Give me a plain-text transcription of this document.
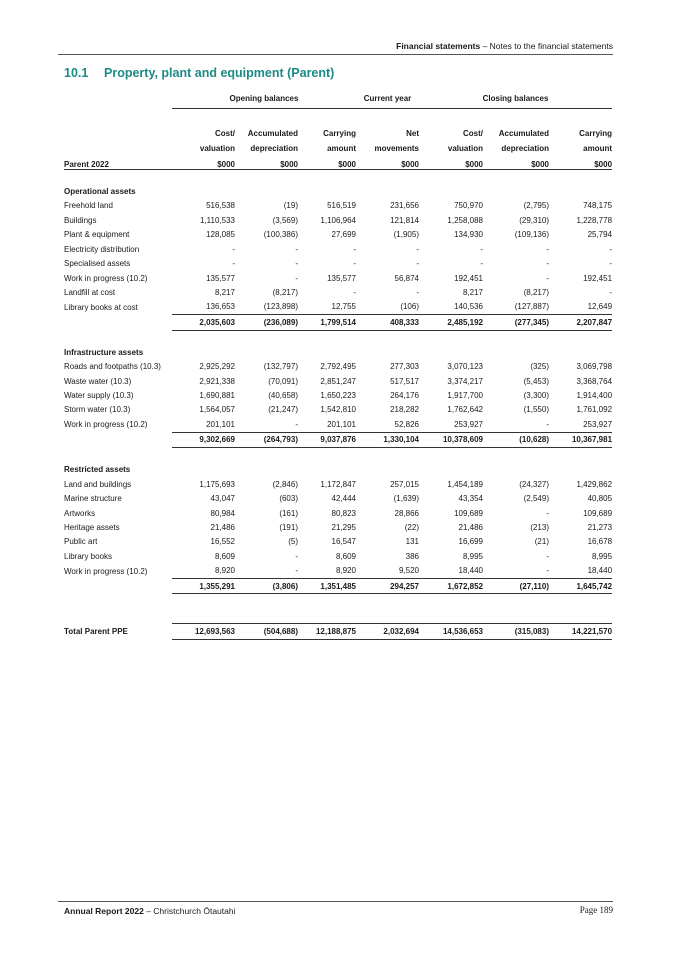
Financial statements – Notes to the financial statements
10.1 Property, plant and equipment (Parent)
	Opening balances			Current year	Closing balances		

	Cost/	Accumulated	Carrying	Net	Cost/	Accumulated	Carrying
	valuation	depreciation	amount	movements	valuation	depreciation	amount
Parent 2022	$000	$000	$000	$000	$000	$000	$000

Operational assets							
Freehold land	516,538	(19)	516,519	231,656	750,970	(2,795)	748,175
Buildings	1,110,533	(3,569)	1,106,964	121,814	1,258,088	(29,310)	1,228,778
Plant & equipment	128,085	(100,386)	27,699	(1,905)	134,930	(109,136)	25,794
Electricity distribution	-	-	-	-	-	-	-
Specialised assets	-	-	-	-	-	-	-
Work in progress (10.2)	135,577	-	135,577	56,874	192,451	-	192,451
Landfill at cost	8,217	(8,217)	-	-	8,217	(8,217)	-
Library books at cost	136,653	(123,898)	12,755	(106)	140,536	(127,887)	12,649
	2,035,603	(236,089)	1,799,514	408,333	2,485,192	(277,345)	2,207,847

Infrastructure assets							
Roads and footpaths (10.3)	2,925,292	(132,797)	2,792,495	277,303	3,070,123	(325)	3,069,798
Waste water (10.3)	2,921,338	(70,091)	2,851,247	517,517	3,374,217	(5,453)	3,368,764
Water supply (10.3)	1,690,881	(40,658)	1,650,223	264,176	1,917,700	(3,300)	1,914,400
Storm water (10.3)	1,564,057	(21,247)	1,542,810	218,282	1,762,642	(1,550)	1,761,092
Work in progress (10.2)	201,101	-	201,101	52,826	253,927	-	253,927
	9,302,669	(264,793)	9,037,876	1,330,104	10,378,609	(10,628)	10,367,981

Restricted assets							
Land and buildings	1,175,693	(2,846)	1,172,847	257,015	1,454,189	(24,327)	1,429,862
Marine structure	43,047	(603)	42,444	(1,639)	43,354	(2,549)	40,805
Artworks	80,984	(161)	80,823	28,866	109,689	-	109,689
Heritage assets	21,486	(191)	21,295	(22)	21,486	(213)	21,273
Public art	16,552	(5)	16,547	131	16,699	(21)	16,678
Library books	8,609	-	8,609	386	8,995	-	8,995
Work in progress (10.2)	8,920	-	8,920	9,520	18,440	-	18,440
	1,355,291	(3,806)	1,351,485	294,257	1,672,852	(27,110)	1,645,742

Total Parent PPE	12,693,563	(504,688)	12,188,875	2,032,694	14,536,653	(315,083)	14,221,570
Annual Report 2022 – Christchurch Ōtautahi	Page 189
